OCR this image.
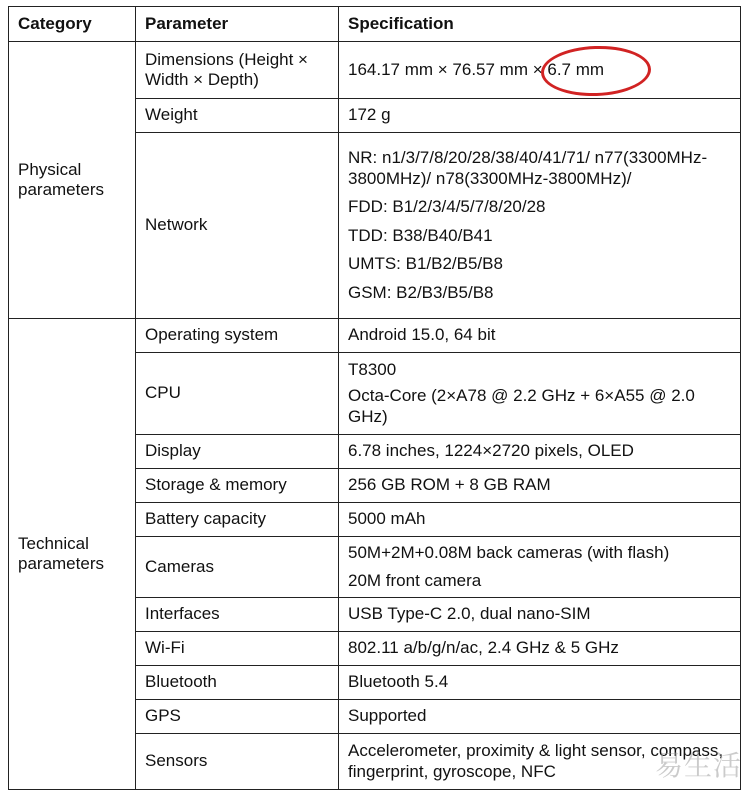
Category	Parameter	Specification
Physical parameters	Dimensions (Height × Width × Depth)	164.17 mm × 76.57 mm × 6.7 mm
	Weight	172 g
	Network	NR: n1/3/7/8/20/28/38/40/41/71/ n77(3300MHz-3800MHz)/ n78(3300MHz-3800MHz)/
FDD: B1/2/3/4/5/7/8/20/28
TDD: B38/B40/B41
UMTS: B1/B2/B5/B8
GSM: B2/B3/B5/B8

Technical parameters	Operating system	Android 15.0, 64 bit
	CPU	T8300
Octa-Core (2×A78 @ 2.2 GHz + 6×A55 @ 2.0 GHz)

	Display	6.78 inches, 1224×2720 pixels, OLED
	Storage & memory	256 GB ROM + 8 GB RAM
	Battery capacity	5000 mAh
	Cameras	50M+2M+0.08M back cameras (with flash)
20M front camera

	Interfaces	USB Type-C 2.0, dual nano-SIM
	Wi-Fi	802.11 a/b/g/n/ac, 2.4 GHz & 5 GHz
	Bluetooth	Bluetooth 5.4
	GPS	Supported
	Sensors	Accelerometer, proximity & light sensor, compass, fingerprint, gyroscope, NFC	易生活
